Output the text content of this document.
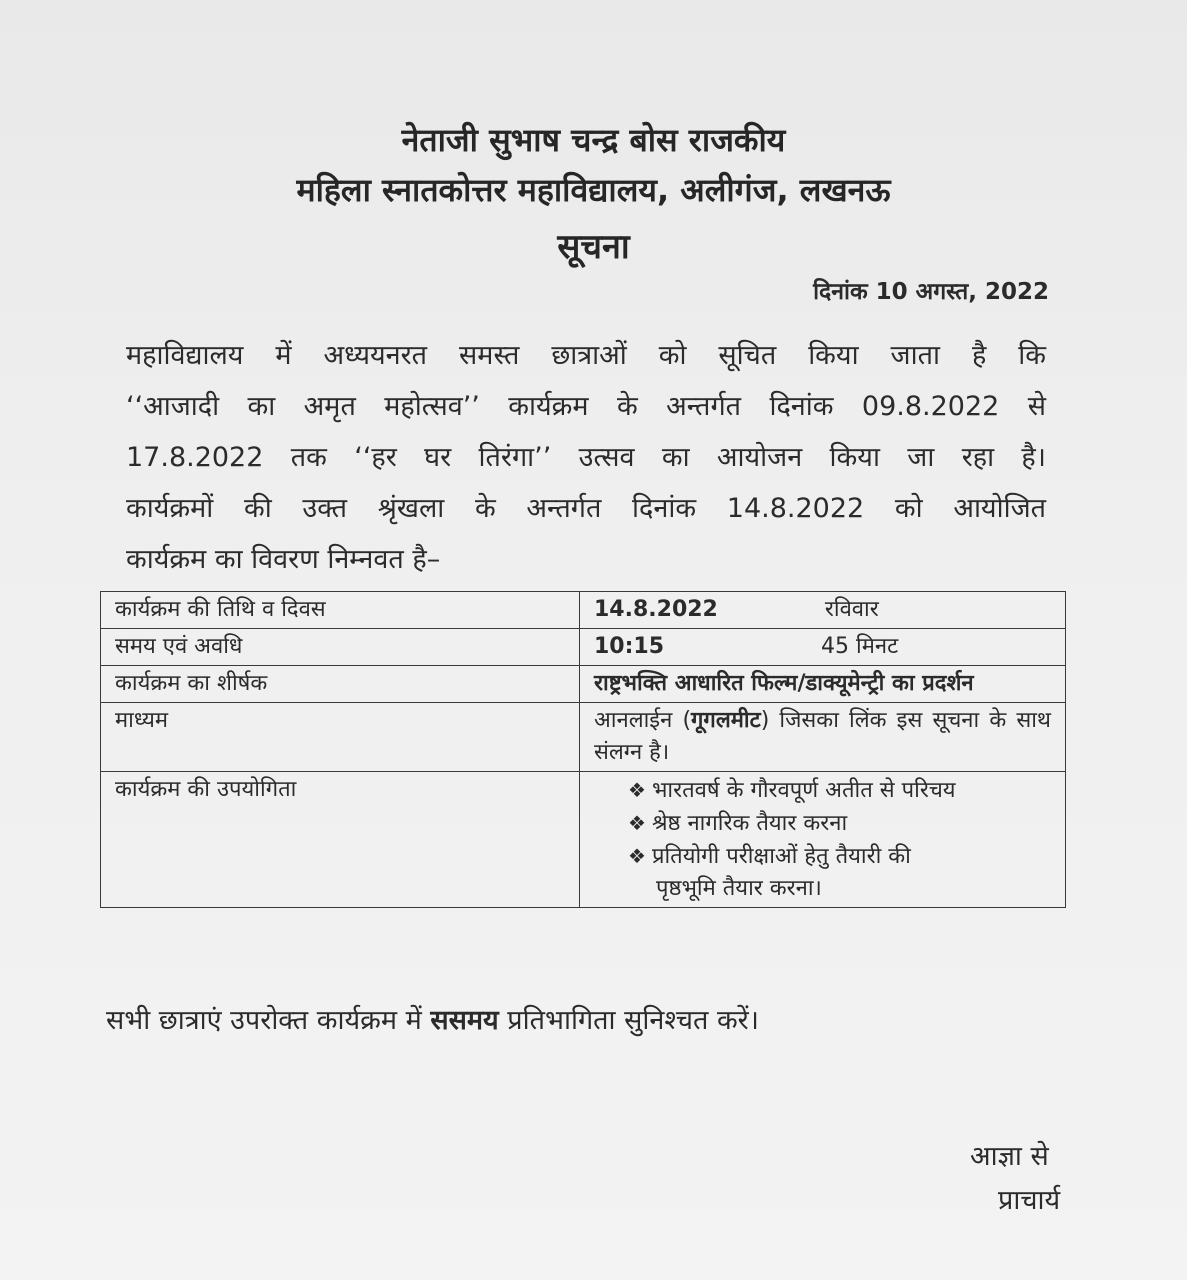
नेताजी सुभाष चन्द्र बोस राजकीय
महिला स्नातकोत्तर महाविद्यालय, अलीगंज, लखनऊ
सूचना
दिनांक 10 अगस्त, 2022
महाविद्यालय में अध्ययनरत समस्त छात्राओं को सूचित किया जाता है कि
‘‘आजादी का अमृत महोत्सव’’ कार्यक्रम के अन्तर्गत दिनांक 09.8.2022 से
17.8.2022 तक ‘‘हर घर तिरंगा’’ उत्सव का आयोजन किया जा रहा है।
कार्यक्रमों की उक्त श्रृंखला के अन्तर्गत दिनांक 14.8.2022 को आयोजित
कार्यक्रम का विवरण निम्नवत है–
कार्यक्रम की तिथि व दिवस	14.8.2022 रविवार
समय एवं अवधि	10:15 45 मिनट
कार्यक्रम का शीर्षक	राष्ट्रभक्ति आधारित फिल्म/डाक्यूमेन्ट्री का प्रदर्शन
माध्यम	आनलाईन (गूगलमीट) जिसका लिंक इस सूचना के साथ संलग्न है।
कार्यक्रम की उपयोगिता	❖ भारतवर्ष के गौरवपूर्ण अतीत से परिचय
❖ श्रेष्ठ नागरिक तैयार करना
❖ प्रतियोगी परीक्षाओं हेतु तैयारी की
पृष्ठभूमि तैयार करना।
सभी छात्राएं उपरोक्त कार्यक्रम में ससमय प्रतिभागिता सुनिश्चत करें।
आज्ञा से
प्राचार्य
